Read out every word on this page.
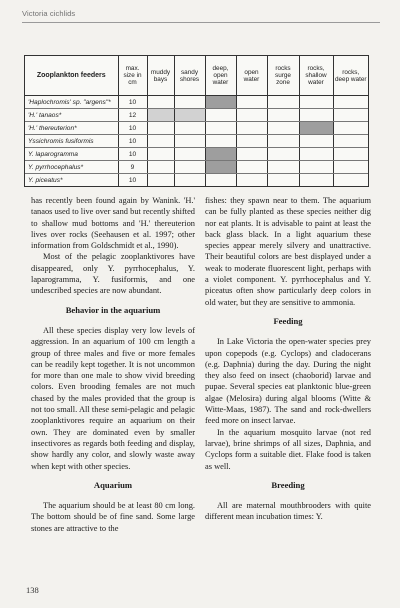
Victoria cichlids
Zooplankton feeders	max. size in cm	muddy bays	sandy shores	deep, open water	open water	rocks surge zone	rocks, shallow water	rocks, deep water
'Haplochromis' sp. "argens"*	10							
'H.' tanaos*	12							
'H.' thereuterion*	10							
Yssichromis fusiformis	10							
Y. laparogramma	10							
Y. pyrrhocephalus*	9							
Y. piceatus*	10							

has recently been found again by Wanink. 'H.' tanaos used to live over sand but recently shifted to shallow mud bottoms and 'H.' thereuterion lives over rocks (Seehausen et al. 1997; other information from Goldschmidt et al., 1990).

Most of the pelagic zooplanktivores have disappeared, only Y. pyrrhocephalus, Y. laparogramma, Y. fusiformis, and one undescribed species are now abundant.

Behavior in the aquarium

All these species display very low levels of aggression. In an aquarium of 100 cm length a group of three males and five or more females can be readily kept together. It is not uncommon for more than one male to show vivid breeding colors. Even brooding females are not much chased by the males provided that the group is not too small. All these semi-pelagic and pelagic zooplanktivores require an aquarium on their own. They are dominated even by smaller insectivores as regards both feeding and display, show hardly any color, and slowly waste away when kept with other species.

Aquarium

The aquarium should be at least 80 cm long. The bottom should be of fine sand. Some large stones are attractive to the

fishes: they spawn near to them. The aquarium can be fully planted as these species neither dig nor eat plants. It is advisable to paint at least the back glass black. In a light aquarium these species appear merely silvery and unattractive. Their beautiful colors are best displayed under a weak to moderate fluorescent light, perhaps with a violet component. Y. pyrrhocephalus and Y. piceatus often show particularly deep colors in old water, but they are sensitive to ammonia.

Feeding

In Lake Victoria the open-water species prey upon copepods (e.g. Cyclops) and cladocerans (e.g. Daphnia) during the day. During the night they also feed on insect (chaoborid) larvae and pupae. Several species eat planktonic blue-green algae (Melosira) during algal blooms (Witte & Witte-Maas, 1987). The sand and rock-dwellers feed more on insect larvae.

In the aquarium mosquito larvae (not red larvae), brine shrimps of all sizes, Daphnia, and Cyclops form a suitable diet. Flake food is taken as well.

Breeding

All are maternal mouthbrooders with quite different mean incubation times: Y.

138
